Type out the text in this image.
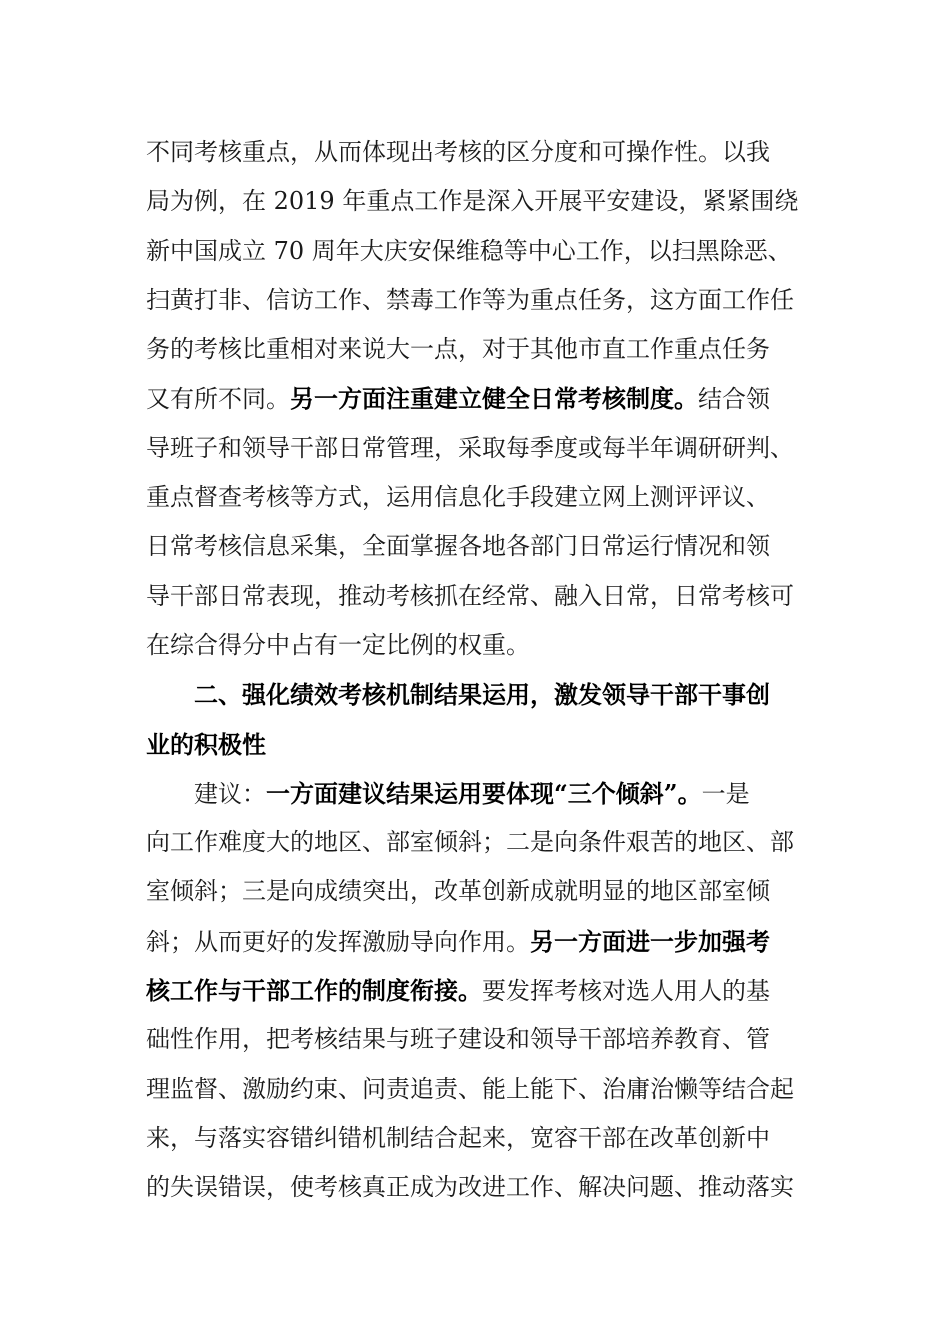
不同考核重点，从而体现出考核的区分度和可操作性。以我
局为例，在 2019 年重点工作是深入开展平安建设，紧紧围绕
新中国成立 70 周年大庆安保维稳等中心工作，以扫黑除恶、
扫黄打非、信访工作、禁毒工作等为重点任务，这方面工作任
务的考核比重相对来说大一点，对于其他市直工作重点任务
又有所不同。另一方面注重建立健全日常考核制度。结合领
导班子和领导干部日常管理，采取每季度或每半年调研研判、
重点督查考核等方式，运用信息化手段建立网上测评评议、
日常考核信息采集，全面掌握各地各部门日常运行情况和领
导干部日常表现，推动考核抓在经常、融入日常，日常考核可
在综合得分中占有一定比例的权重。
二、强化绩效考核机制结果运用，激发领导干部干事创
业的积极性
建议：一方面建议结果运用要体现“三个倾斜”。一是
向工作难度大的地区、部室倾斜；二是向条件艰苦的地区、部
室倾斜；三是向成绩突出，改革创新成就明显的地区部室倾
斜；从而更好的发挥激励导向作用。另一方面进一步加强考
核工作与干部工作的制度衔接。要发挥考核对选人用人的基
础性作用，把考核结果与班子建设和领导干部培养教育、管
理监督、激励约束、问责追责、能上能下、治庸治懒等结合起
来，与落实容错纠错机制结合起来，宽容干部在改革创新中
的失误错误，使考核真正成为改进工作、解决问题、推动落实
